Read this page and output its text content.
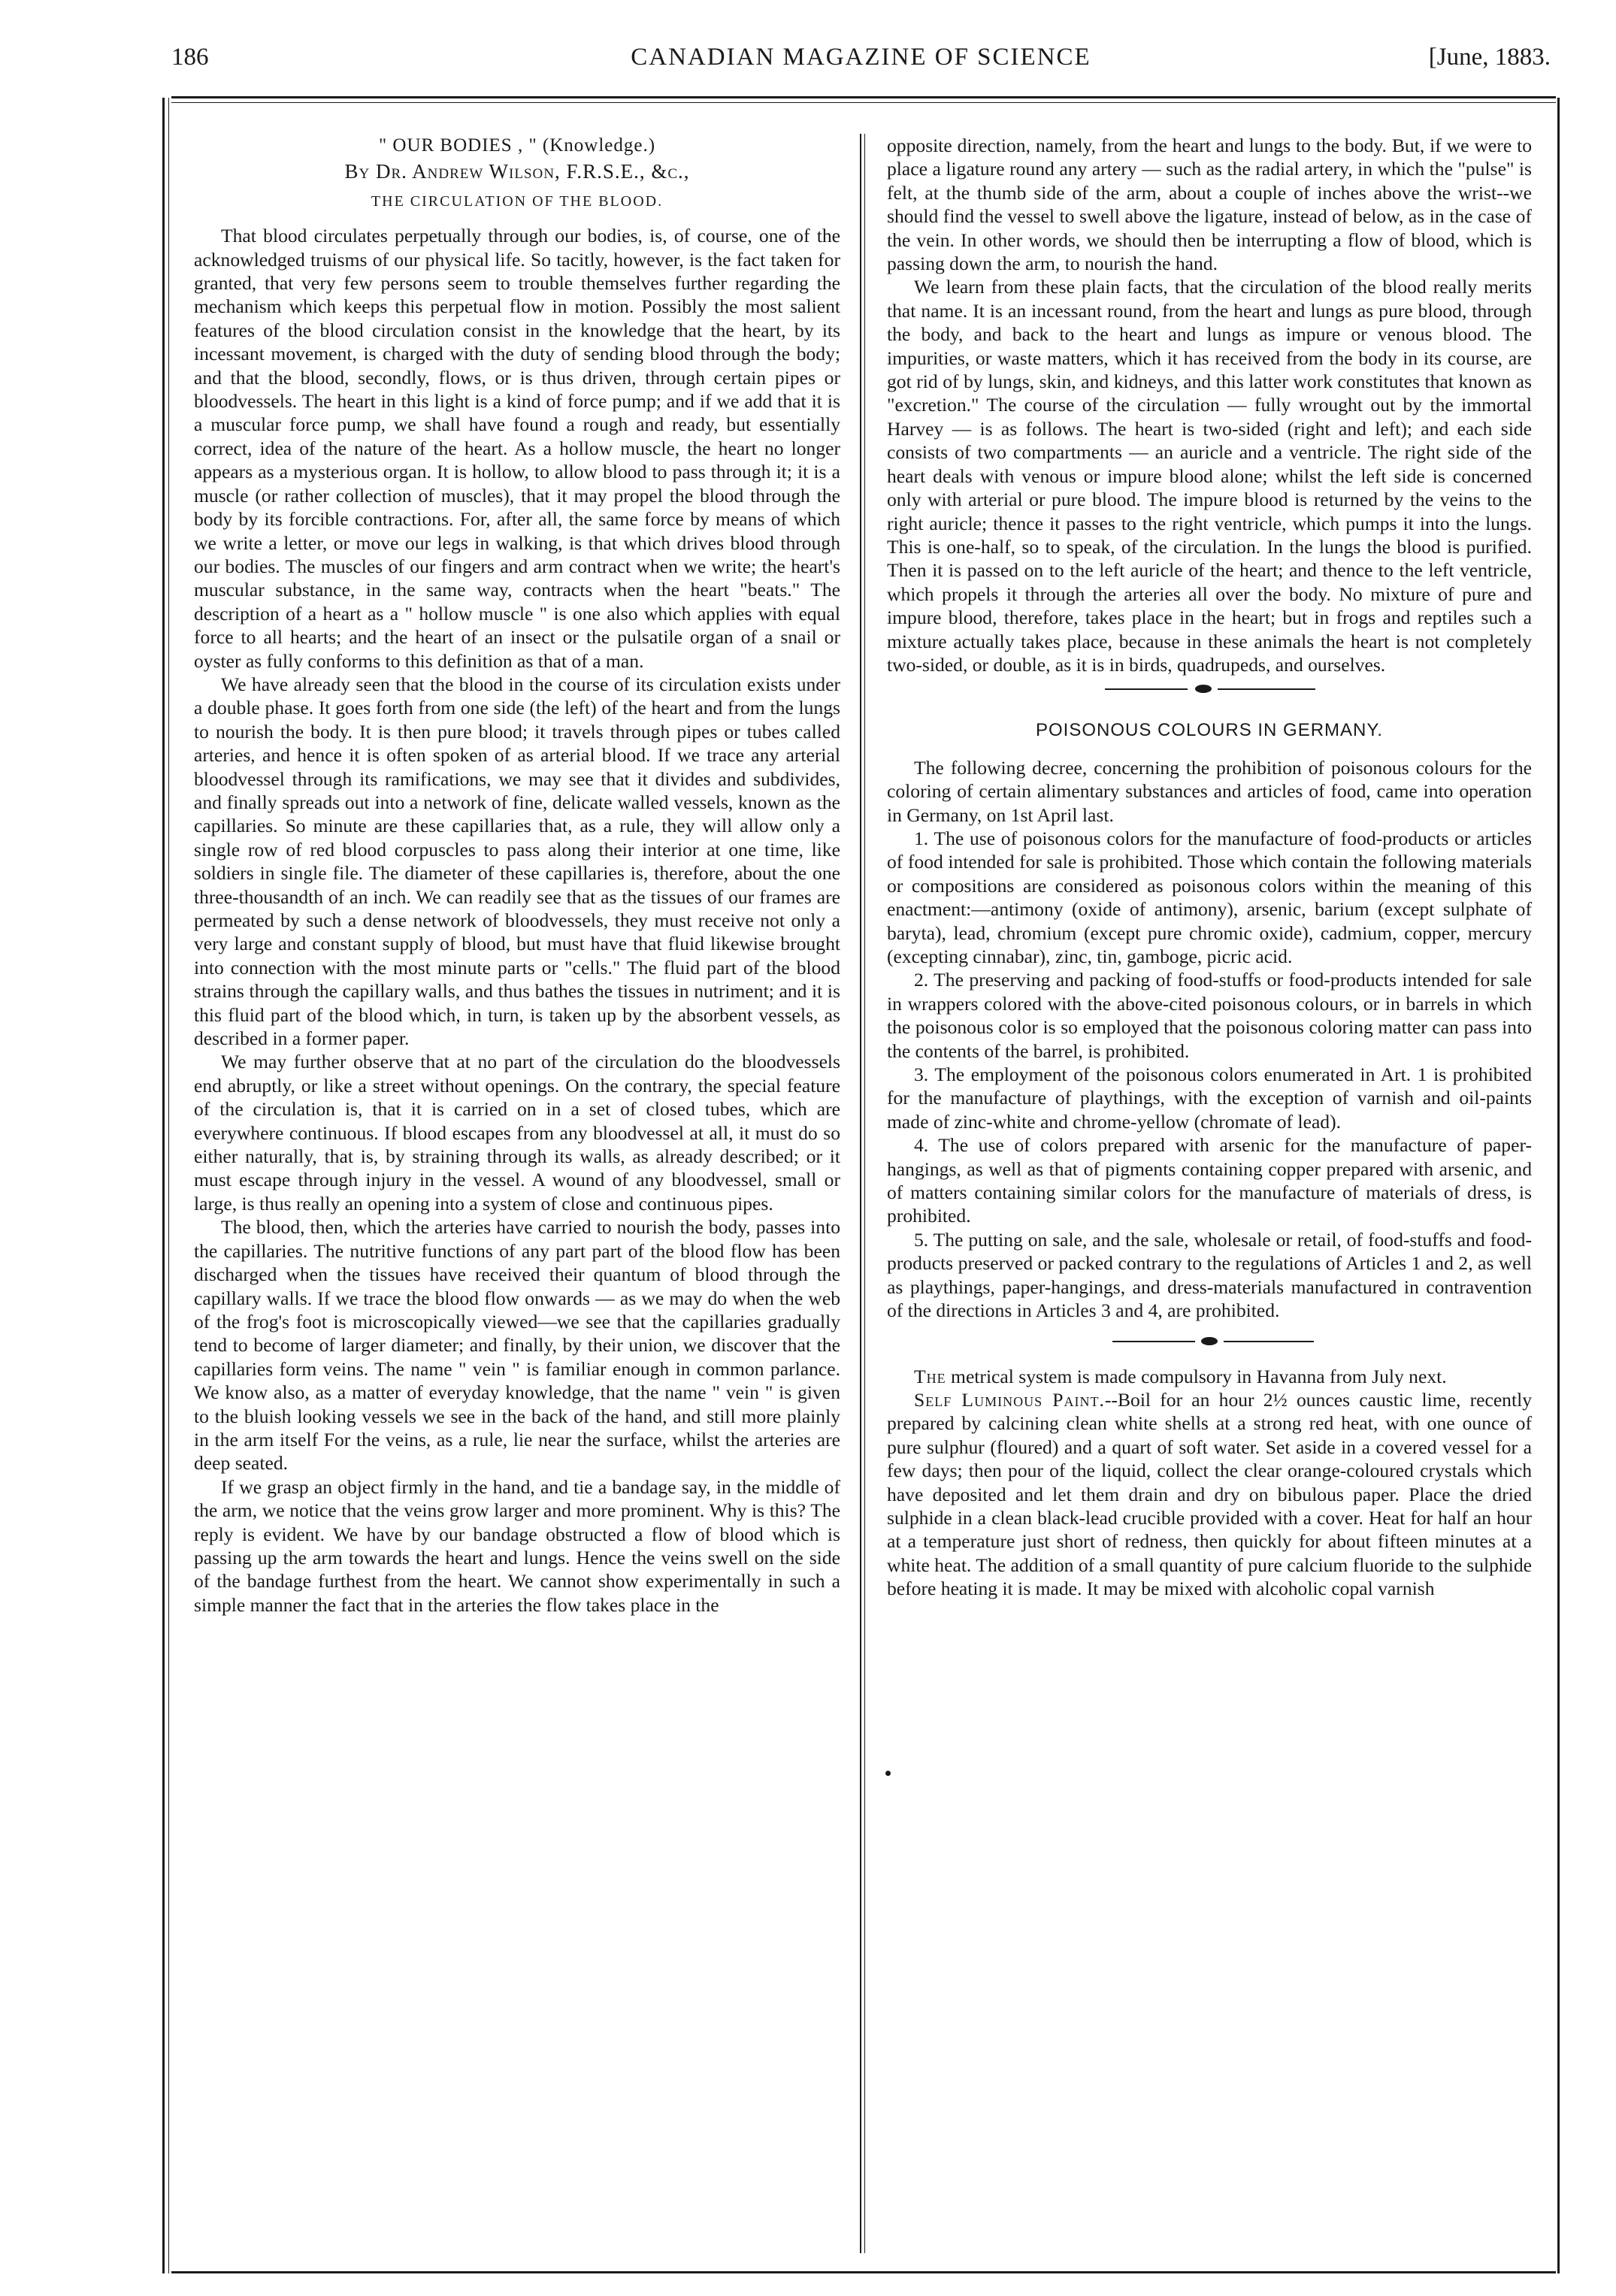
186	CANADIAN MAGAZINE OF SCIENCE	[June, 1883.
" OUR BODIES , " (Knowledge.)
By Dr. Andrew Wilson, F.R.S.E., &c.,
THE CIRCULATION OF THE BLOOD.

That blood circulates perpetually through our bodies, is, of course, one of the acknowledged truisms of our physical life. So tacitly, however, is the fact taken for granted, that very few persons seem to trouble themselves further regarding the mechanism which keeps this perpetual flow in motion. Possibly the most salient features of the blood circulation consist in the knowledge that the heart, by its incessant movement, is charged with the duty of sending blood through the body; and that the blood, secondly, flows, or is thus driven, through certain pipes or bloodvessels. The heart in this light is a kind of force pump; and if we add that it is a muscular force pump, we shall have found a rough and ready, but essentially correct, idea of the nature of the heart. As a hollow muscle, the heart no longer appears as a mysterious organ. It is hollow, to allow blood to pass through it; it is a muscle (or rather collection of muscles), that it may propel the blood through the body by its forcible contractions. For, after all, the same force by means of which we write a letter, or move our legs in walking, is that which drives blood through our bodies. The muscles of our fingers and arm contract when we write; the heart's muscular substance, in the same way, contracts when the heart "beats." The description of a heart as a " hollow muscle " is one also which applies with equal force to all hearts; and the heart of an insect or the pulsatile organ of a snail or oyster as fully conforms to this definition as that of a man.

We have already seen that the blood in the course of its circulation exists under a double phase. It goes forth from one side (the left) of the heart and from the lungs to nourish the body. It is then pure blood; it travels through pipes or tubes called arteries, and hence it is often spoken of as arterial blood. If we trace any arterial bloodvessel through its ramifications, we may see that it divides and subdivides, and finally spreads out into a network of fine, delicate walled vessels, known as the capillaries. So minute are these capillaries that, as a rule, they will allow only a single row of red blood corpuscles to pass along their interior at one time, like soldiers in single file. The diameter of these capillaries is, therefore, about the one three-thousandth of an inch. We can readily see that as the tissues of our frames are permeated by such a dense network of bloodvessels, they must receive not only a very large and constant supply of blood, but must have that fluid likewise brought into connection with the most minute parts or "cells." The fluid part of the blood strains through the capillary walls, and thus bathes the tissues in nutriment; and it is this fluid part of the blood which, in turn, is taken up by the absorbent vessels, as described in a former paper.

We may further observe that at no part of the circulation do the bloodvessels end abruptly, or like a street without openings. On the contrary, the special feature of the circulation is, that it is carried on in a set of closed tubes, which are everywhere continuous. If blood escapes from any bloodvessel at all, it must do so either naturally, that is, by straining through its walls, as already described; or it must escape through injury in the vessel. A wound of any bloodvessel, small or large, is thus really an opening into a system of close and continuous pipes.

The blood, then, which the arteries have carried to nourish the body, passes into the capillaries. The nutritive functions of any part part of the blood flow has been discharged when the tissues have received their quantum of blood through the capillary walls. If we trace the blood flow onwards — as we may do when the web of the frog's foot is microscopically viewed—we see that the capillaries gradually tend to become of larger diameter; and finally, by their union, we discover that the capillaries form veins. The name " vein " is familiar enough in common parlance. We know also, as a matter of everyday knowledge, that the name " vein " is given to the bluish looking vessels we see in the back of the hand, and still more plainly in the arm itself For the veins, as a rule, lie near the surface, whilst the arteries are deep seated.

If we grasp an object firmly in the hand, and tie a bandage say, in the middle of the arm, we notice that the veins grow larger and more prominent. Why is this? The reply is evident. We have by our bandage obstructed a flow of blood which is passing up the arm towards the heart and lungs. Hence the veins swell on the side of the bandage furthest from the heart. We cannot show experimentally in such a simple manner the fact that in the arteries the flow takes place in the

opposite direction, namely, from the heart and lungs to the body. But, if we were to place a ligature round any artery — such as the radial artery, in which the "pulse" is felt, at the thumb side of the arm, about a couple of inches above the wrist--we should find the vessel to swell above the ligature, instead of below, as in the case of the vein. In other words, we should then be interrupting a flow of blood, which is passing down the arm, to nourish the hand.

We learn from these plain facts, that the circulation of the blood really merits that name. It is an incessant round, from the heart and lungs as pure blood, through the body, and back to the heart and lungs as impure or venous blood. The impurities, or waste matters, which it has received from the body in its course, are got rid of by lungs, skin, and kidneys, and this latter work constitutes that known as "excretion." The course of the circulation — fully wrought out by the immortal Harvey — is as follows. The heart is two-sided (right and left); and each side consists of two compartments — an auricle and a ventricle. The right side of the heart deals with venous or impure blood alone; whilst the left side is concerned only with arterial or pure blood. The impure blood is returned by the veins to the right auricle; thence it passes to the right ventricle, which pumps it into the lungs. This is one-half, so to speak, of the circulation. In the lungs the blood is purified. Then it is passed on to the left auricle of the heart; and thence to the left ventricle, which propels it through the arteries all over the body. No mixture of pure and impure blood, therefore, takes place in the heart; but in frogs and reptiles such a mixture actually takes place, because in these animals the heart is not completely two-sided, or double, as it is in birds, quadrupeds, and ourselves.

POISONOUS COLOURS IN GERMANY.

The following decree, concerning the prohibition of poisonous colours for the coloring of certain alimentary substances and articles of food, came into operation in Germany, on 1st April last.

1. The use of poisonous colors for the manufacture of food-products or articles of food intended for sale is prohibited. Those which contain the following materials or compositions are considered as poisonous colors within the meaning of this enactment:—antimony (oxide of antimony), arsenic, barium (except sulphate of baryta), lead, chromium (except pure chromic oxide), cadmium, copper, mercury (excepting cinnabar), zinc, tin, gamboge, picric acid.

2. The preserving and packing of food-stuffs or food-products intended for sale in wrappers colored with the above-cited poisonous colours, or in barrels in which the poisonous color is so employed that the poisonous coloring matter can pass into the contents of the barrel, is prohibited.

3. The employment of the poisonous colors enumerated in Art. 1 is prohibited for the manufacture of playthings, with the exception of varnish and oil-paints made of zinc-white and chrome-yellow (chromate of lead).

4. The use of colors prepared with arsenic for the manufacture of paper-hangings, as well as that of pigments containing copper prepared with arsenic, and of matters containing similar colors for the manufacture of materials of dress, is prohibited.

5. The putting on sale, and the sale, wholesale or retail, of food-stuffs and food-products preserved or packed contrary to the regulations of Articles 1 and 2, as well as playthings, paper-hangings, and dress-materials manufactured in contravention of the directions in Articles 3 and 4, are prohibited.

The metrical system is made compulsory in Havanna from July next.

Self Luminous Paint.--Boil for an hour 2½ ounces caustic lime, recently prepared by calcining clean white shells at a strong red heat, with one ounce of pure sulphur (floured) and a quart of soft water. Set aside in a covered vessel for a few days; then pour of the liquid, collect the clear orange-coloured crystals which have deposited and let them drain and dry on bibulous paper. Place the dried sulphide in a clean black-lead crucible provided with a cover. Heat for half an hour at a temperature just short of redness, then quickly for about fifteen minutes at a white heat. The addition of a small quantity of pure calcium fluoride to the sulphide before heating it is made. It may be mixed with alcoholic copal varnish
